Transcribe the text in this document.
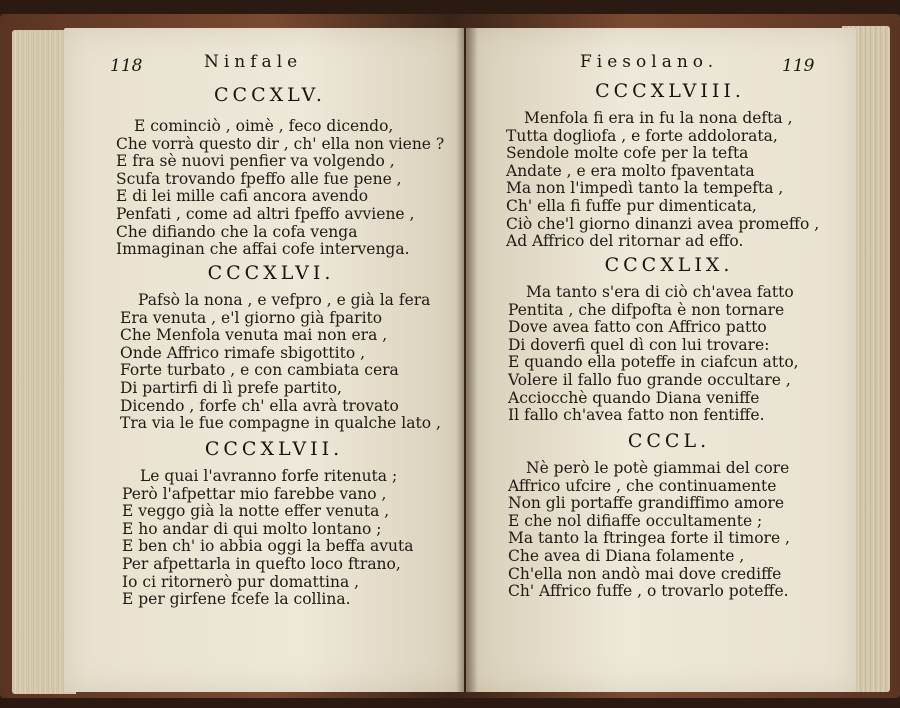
118	Ninfale
CCCXLV.
E cominciò , oimè , feco dicendo,
Che vorrà questo dir , ch' ella non viene ?
E fra sè nuovi penfier va volgendo ,
Scufa trovando fpeffo alle fue pene ,
E di lei mille cafi ancora avendo
Penfati , come ad altri fpeffo avviene ,
Che difiando che la cofa venga
Immaginan che affai cofe intervenga.
CCCXLVI.
Pafsò la nona , e vefpro , e già la fera
Era venuta , e'l giorno già fparito
Che Menfola venuta mai non era ,
Onde Affrico rimafe sbigottito ,
Forte turbato , e con cambiata cera
Di partirfi di lì prefe partito,
Dicendo , forfe ch' ella avrà trovato
Tra via le fue compagne in qualche lato ,
CCCXLVII.
Le quai l'avranno forfe ritenuta ;
Però l'afpettar mio farebbe vano ,
E veggo già la notte effer venuta ,
E ho andar di qui molto lontano ;
E ben ch' io abbia oggi la beffa avuta
Per afpettarla in quefto loco ftrano,
Io ci ritornerò pur domattina ,
E per girfene fcefe la collina.
Fiesolano.	119
CCCXLVIII.
Menfola fi era in fu la nona defta ,
Tutta dogliofa , e forte addolorata,
Sendole molte cofe per la tefta
Andate , e era molto fpaventata
Ma non l'impedì tanto la tempefta ,
Ch' ella fi fuffe pur dimenticata,
Ciò che'l giorno dinanzi avea promeffo ,
Ad Affrico del ritornar ad effo.
CCCXLIX.
Ma tanto s'era di ciò ch'avea fatto
Pentita , che difpofta è non tornare
Dove avea fatto con Affrico patto
Di doverfi quel dì con lui trovare:
E quando ella poteffe in ciafcun atto,
Volere il fallo fuo grande occultare ,
Acciocchè quando Diana veniffe
Il fallo ch'avea fatto non fentiffe.
CCCL.
Nè però le potè giammai del core
Affrico ufcire , che continuamente
Non gli portaffe grandiffimo amore
E che nol difiaffe occultamente ;
Ma tanto la ftringea forte il timore ,
Che avea di Diana folamente ,
Ch'ella non andò mai dove crediffe
Ch' Affrico fuffe , o trovarlo poteffe.
